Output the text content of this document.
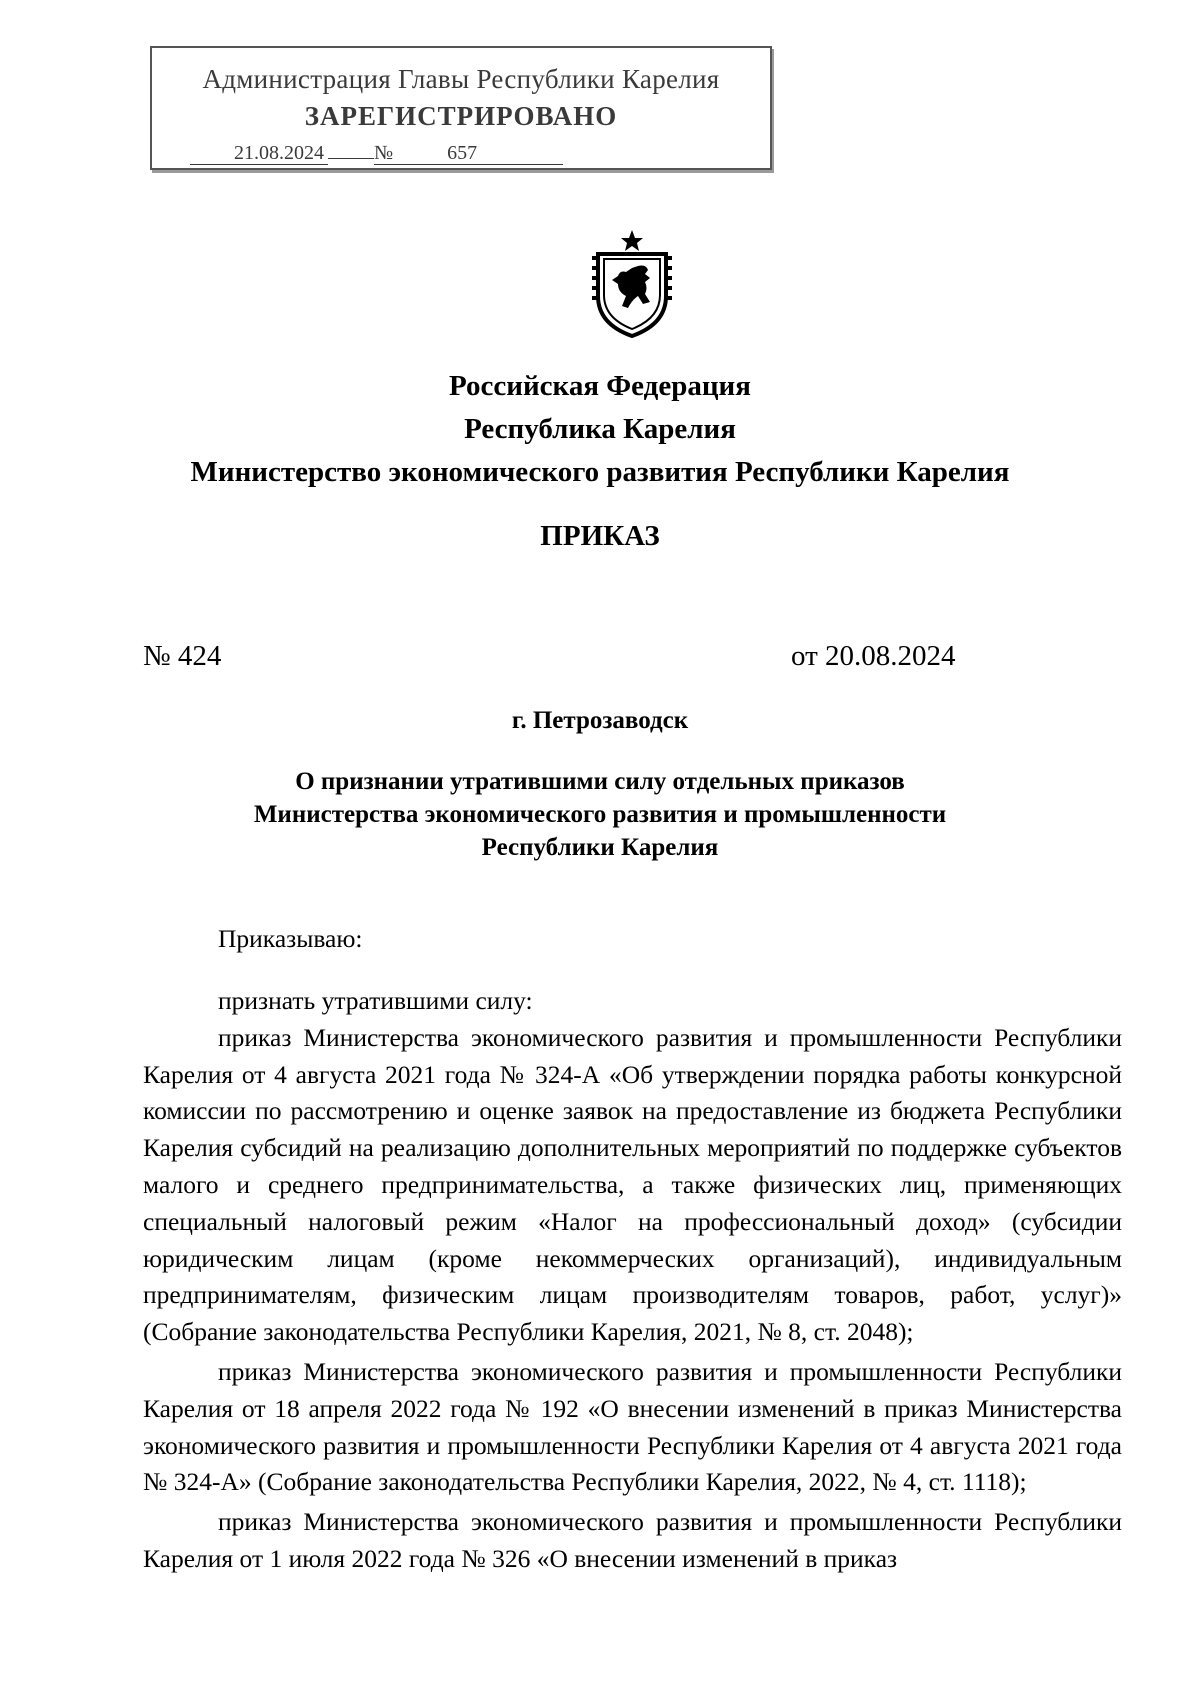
Администрация Главы Республики Карелия
ЗАРЕГИСТРИРОВАНО
21.08.2024	№	657
Российская Федерация
Республика Карелия
Министерство экономического развития Республики Карелия
ПРИКАЗ
№ 424	от 20.08.2024
г. Петрозаводск
О признании утратившими силу отдельных приказов
Министерства экономического развития и промышленности
Республики Карелия

Приказываю:

признать утратившими силу:

приказ Министерства экономического развития и промышленности Республики Карелия от 4 августа 2021 года № 324-А «Об утверждении порядка работы конкурсной комиссии по рассмотрению и оценке заявок на предоставление из бюджета Республики Карелия субсидий на реализацию дополнительных мероприятий по поддержке субъектов малого и среднего предпринимательства, а также физических лиц, применяющих специальный налоговый режим «Налог на профессиональный доход» (субсидии юридическим лицам (кроме некоммерческих организаций), индивидуальным предпринимателям, физическим лицам производителям товаров, работ, услуг)» (Собрание законодательства Республики Карелия, 2021, № 8, ст. 2048);

приказ Министерства экономического развития и промышленности Республики Карелия от 18 апреля 2022 года № 192 «О внесении изменений в приказ Министерства экономического развития и промышленности Республики Карелия от 4 августа 2021 года № 324-А» (Собрание законодательства Республики Карелия, 2022, № 4, ст. 1118);

приказ Министерства экономического развития и промышленности Республики Карелия от 1 июля 2022 года № 326 «О внесении изменений в приказ
